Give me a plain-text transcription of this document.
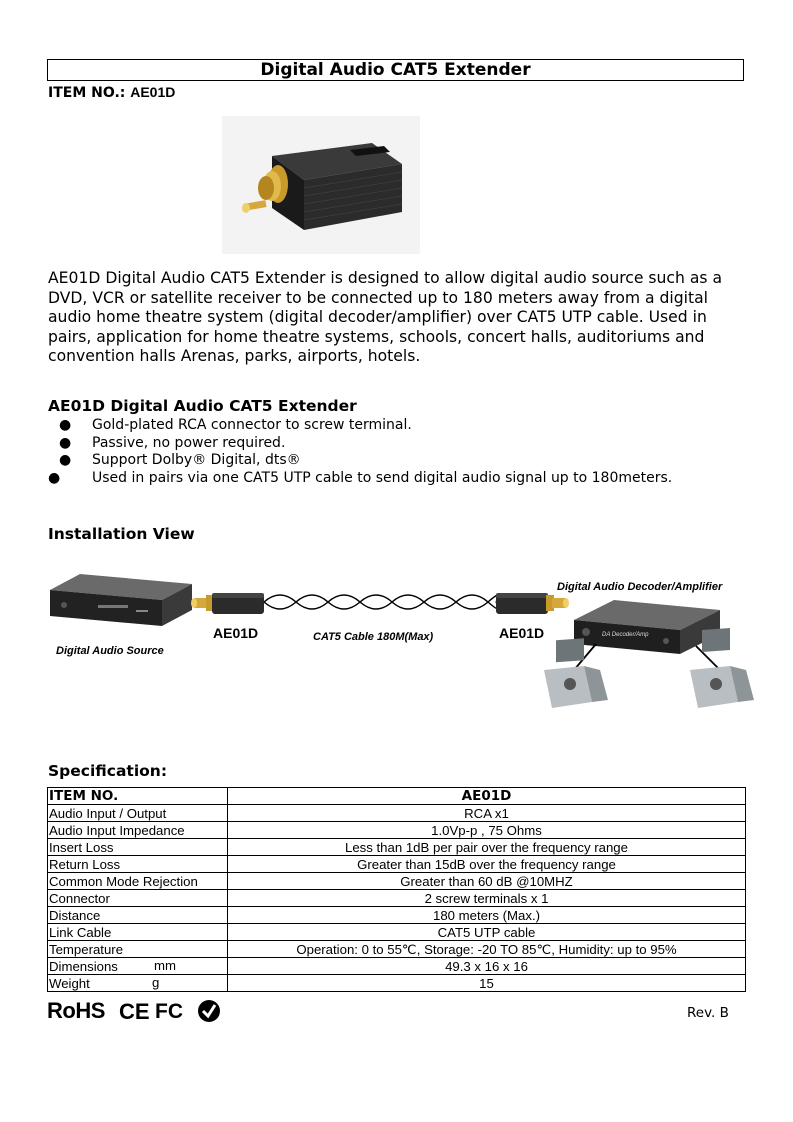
Digital Audio CAT5 Extender
ITEM NO.: AE01D
AE01D Digital Audio CAT5 Extender is designed to allow digital audio source such as a DVD, VCR or satellite receiver to be connected up to 180 meters away from a digital audio home theatre system (digital decoder/amplifier) over CAT5 UTP cable. Used in pairs, application for home theatre systems, schools, concert halls, auditoriums and convention halls Arenas, parks, airports, hotels.
AE01D Digital Audio CAT5 Extender
● Gold-plated RCA connector to screw terminal.
● Passive, no power required.
● Support Dolby® Digital, dts®
● Used in pairs via one CAT5 UTP cable to send digital audio signal up to 180meters.
Installation View
DA Decoder/Amp
Digital Audio Source
AE01D	CAT5 Cable 180M(Max)	AE01D
Digital Audio Decoder/Amplifier
Specification:
ITEM NO.	AE01D
Audio Input / Output	RCA x1
Audio Input Impedance	1.0Vp-p , 75 Ohms
Insert Loss	Less than 1dB per pair over the frequency range
Return Loss	Greater than 15dB over the frequency range
Common Mode Rejection	Greater than 60 dB @10MHZ
Connector	2 screw terminals x 1
Distance	180 meters (Max.)
Link Cable	CAT5 UTP cable
Temperature	Operation: 0 to 55℃, Storage: -20 TO 85℃, Humidity: up to 95%
Dimensions mm	49.3 x 16 x 16
Weight g	15
RoHS CE FC	Rev. B
